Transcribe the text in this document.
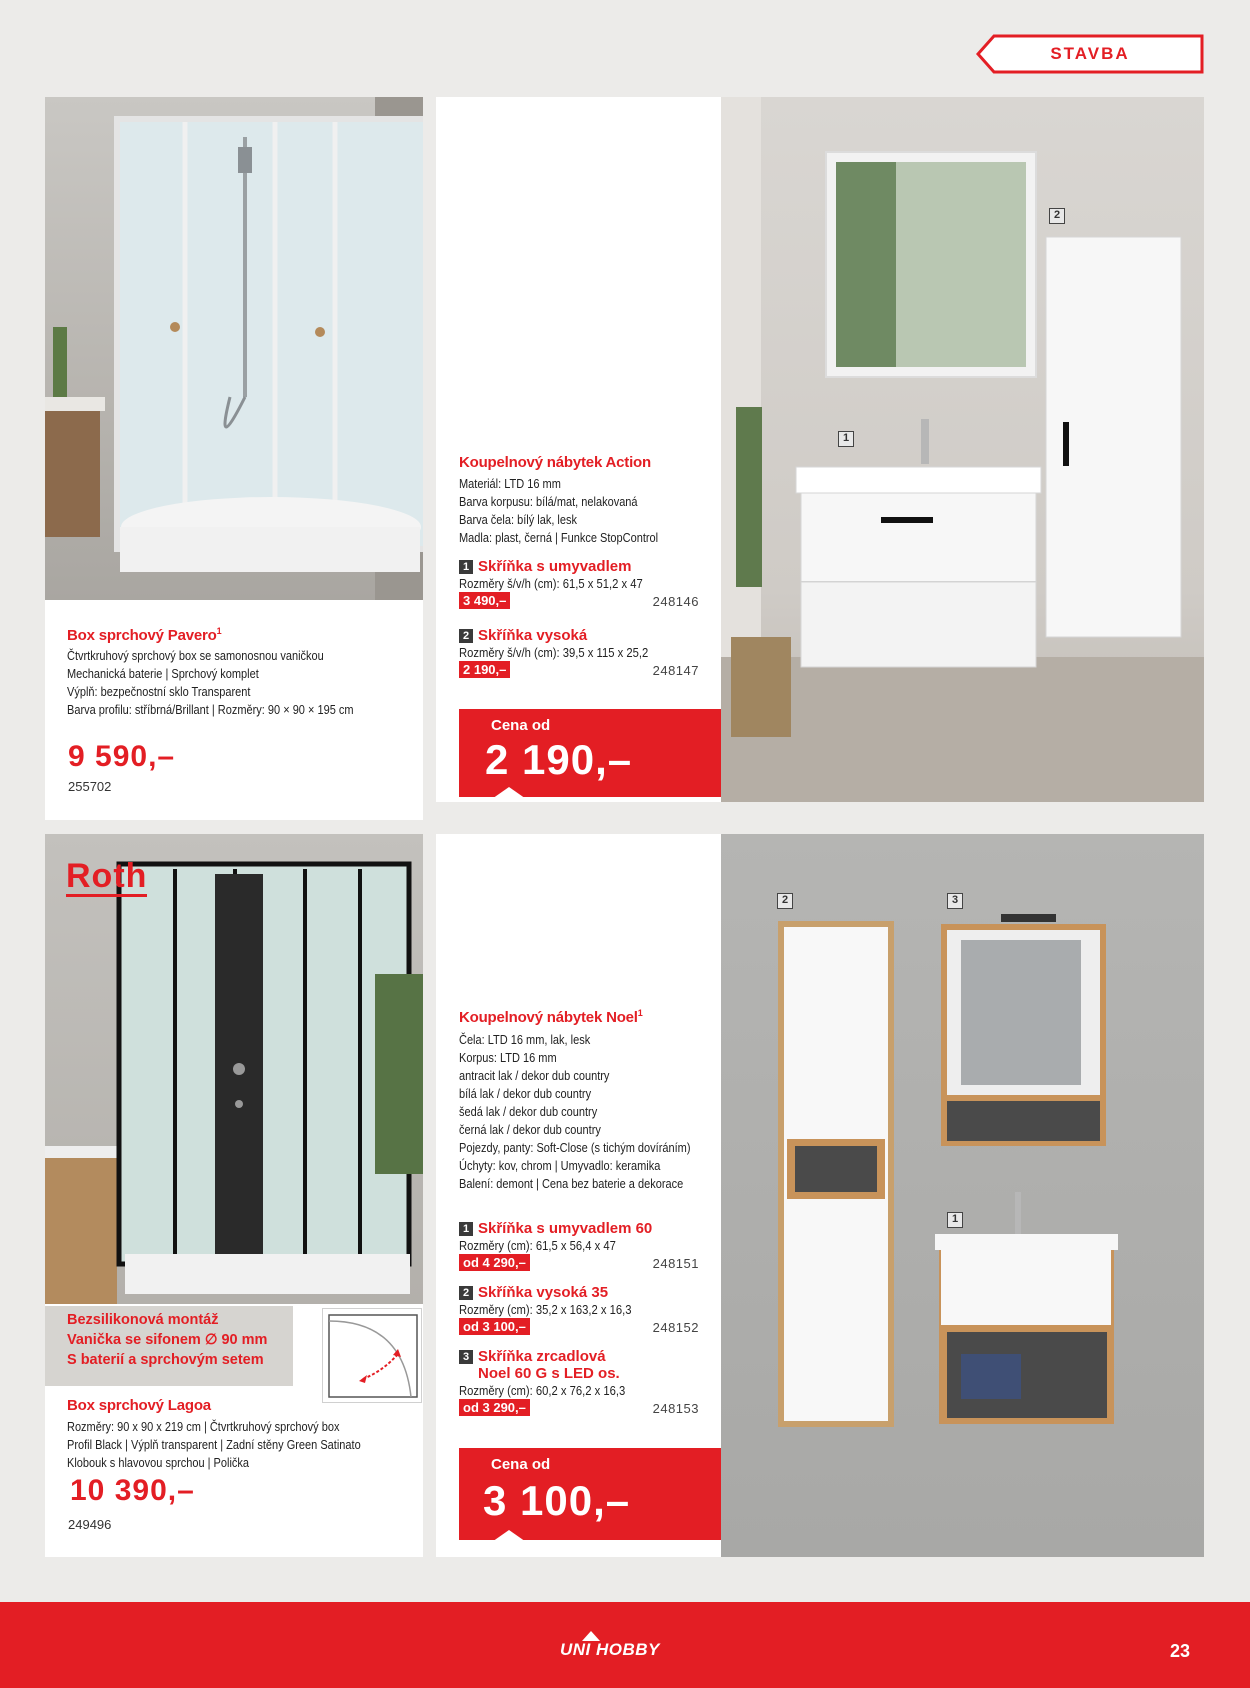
STAVBA
Box sprchový Pavero$^1$
Čtvrtkruhový sprchový box se samonosnou vaničkou
Mechanická baterie | Sprchový komplet
Výplň: bezpečnostní sklo Transparent
Barva profilu: stříbrná/Brillant | Rozměry: 90 × 90 × 195 cm
9 590,–
255702
1
2
Koupelnový nábytek Action
Materiál: LTD 16 mm
Barva korpusu: bílá/mat, nelakovaná
Barva čela: bílý lak, lesk
Madla: plast, černá | Funkce StopControl
1 Skříňka s umyvadlem
Rozměry š/v/h (cm): 61,5 x 51,2 x 47
3 490,–	248146
2 Skříňka vysoká
Rozměry š/v/h (cm): 39,5 x 115 x 25,2
2 190,–	248147
Cena od
2 190,–
Roth
Bezsilikonová montáž
Vanička se sifonem ∅ 90 mm
S baterií a sprchovým setem
Box sprchový Lagoa
Rozměry: 90 x 90 x 219 cm | Čtvrtkruhový sprchový box
Profil Black | Výplň transparent | Zadní stěny Green Satinato
Klobouk s hlavovou sprchou | Polička
10 390,–
249496
2	3
1
Koupelnový nábytek Noel$^1$
Čela: LTD 16 mm, lak, lesk
Korpus: LTD 16 mm
antracit lak / dekor dub country
bílá lak / dekor dub country
šedá lak / dekor dub country
černá lak / dekor dub country
Pojezdy, panty: Soft-Close (s tichým dovíráním)
Úchyty: kov, chrom | Umyvadlo: keramika
Balení: demont | Cena bez baterie a dekorace
1 Skříňka s umyvadlem 60
Rozměry (cm): 61,5 x 56,4 x 47
od 4 290,–	248151
2 Skříňka vysoká 35
Rozměry (cm): 35,2 x 163,2 x 16,3
od 3 100,–	248152
3 Skříňka zrcadlová
Noel 60 G s LED os.
Rozměry (cm): 60,2 x 76,2 x 16,3
od 3 290,–	248153
Cena od
3 100,–
UNI HOBBY	23
